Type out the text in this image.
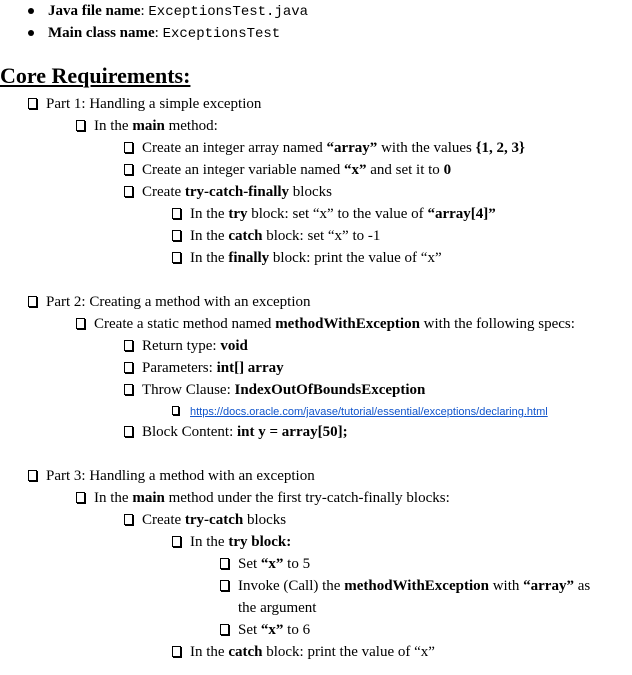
Java file name: ExceptionsTest.java
Main class name: ExceptionsTest
Core Requirements:
Part 1: Handling a simple exception
In the main method:
Create an integer array named “array” with the values {1, 2, 3}
Create an integer variable named “x” and set it to 0
Create try-catch-finally blocks
In the try block: set “x” to the value of “array[4]”
In the catch block: set “x” to -1
In the finally block: print the value of “x”
Part 2: Creating a method with an exception
Create a static method named methodWithException with the following specs:
Return type: void
Parameters: int[] array
Throw Clause: IndexOutOfBoundsException
https://docs.oracle.com/javase/tutorial/essential/exceptions/declaring.html
Block Content: int y = array[50];
Part 3: Handling a method with an exception
In the main method under the first try-catch-finally blocks:
Create try-catch blocks
In the try block:
Set “x” to 5
Invoke (Call) the methodWithException with “array” as
the argument
Set “x” to 6
In the catch block: print the value of “x”
